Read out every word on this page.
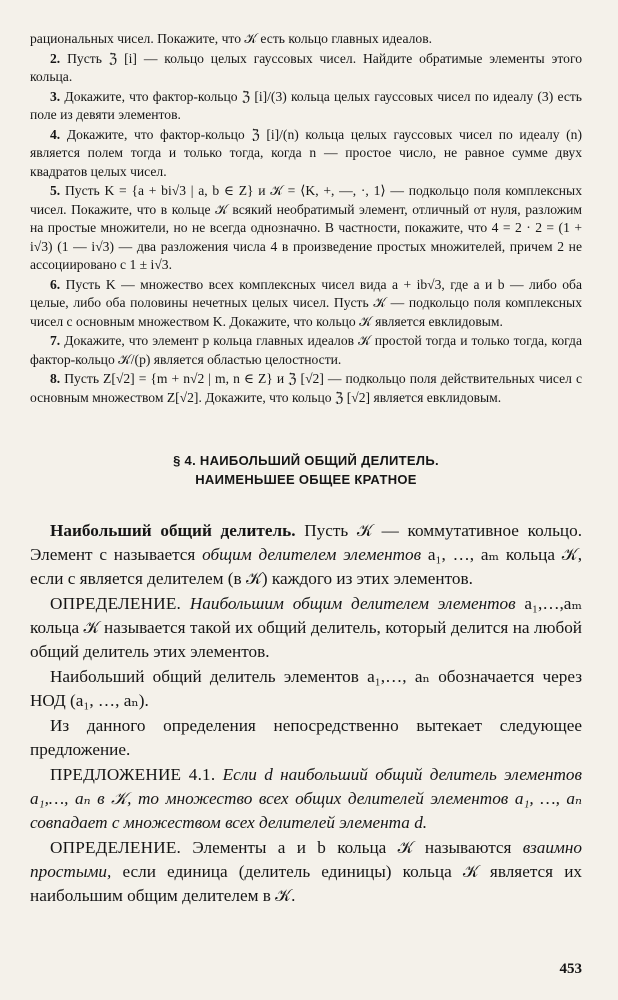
рациональных чисел. Покажите, что 𝒦 есть кольцо главных идеалов.

2. Пусть ℨ [i] — кольцо целых гауссовых чисел. Найдите обратимые элементы этого кольца.

3. Докажите, что фактор-кольцо ℨ [i]/(3) кольца целых гауссовых чисел по идеалу (3) есть поле из девяти элементов.

4. Докажите, что фактор-кольцо ℨ [i]/(n) кольца целых гауссовых чисел по идеалу (n) является полем тогда и только тогда, когда n — простое число, не равное сумме двух квадратов целых чисел.

5. Пусть K = {a + bi√3 | a, b ∈ Z} и 𝒦 = ⟨K, +, —, ·, 1⟩ — подкольцо поля комплексных чисел. Покажите, что в кольце 𝒦 всякий необратимый элемент, отличный от нуля, разложим на простые множители, но не всегда однозначно. В частности, покажите, что 4 = 2 · 2 = (1 + i√3) (1 — i√3) — два разложения числа 4 в произведение простых множителей, причем 2 не ассоциировано с 1 ± i√3.

6. Пусть K — множество всех комплексных чисел вида a + ib√3, где a и b — либо оба целые, либо оба половины нечетных целых чисел. Пусть 𝒦 — подкольцо поля комплексных чисел с основным множеством K. Докажите, что кольцо 𝒦 является евклидовым.

7. Докажите, что элемент p кольца главных идеалов 𝒦 простой тогда и только тогда, когда фактор-кольцо 𝒦/(p) является областью целостности.

8. Пусть Z[√2] = {m + n√2 | m, n ∈ Z} и ℨ [√2] — подкольцо поля действительных чисел с основным множеством Z[√2]. Докажите, что кольцо ℨ [√2] является евклидовым.

§ 4. НАИБОЛЬШИЙ ОБЩИЙ ДЕЛИТЕЛЬ.
НАИМЕНЬШЕЕ ОБЩЕЕ КРАТНОЕ

Наибольший общий делитель. Пусть 𝒦 — коммутативное кольцо. Элемент c называется общим делителем элементов a₁, …, aₘ кольца 𝒦, если c является делителем (в 𝒦) каждого из этих элементов.

ОПРЕДЕЛЕНИЕ. Наибольшим общим делителем элементов a₁,…,aₘ кольца 𝒦 называется такой их общий делитель, который делится на любой общий делитель этих элементов.

Наибольший общий делитель элементов a₁,…, aₙ обозначается через НОД (a₁, …, aₙ).

Из данного определения непосредственно вытекает следующее предложение.

ПРЕДЛОЖЕНИЕ 4.1. Если d наибольший общий делитель элементов a₁,…, aₙ в 𝒦, то множество всех общих делителей элементов a₁, …, aₙ совпадает с множеством всех делителей элемента d.

ОПРЕДЕЛЕНИЕ. Элементы a и b кольца 𝒦 называются взаимно простыми, если единица (делитель единицы) кольца 𝒦 является их наибольшим общим делителем в 𝒦.

453
